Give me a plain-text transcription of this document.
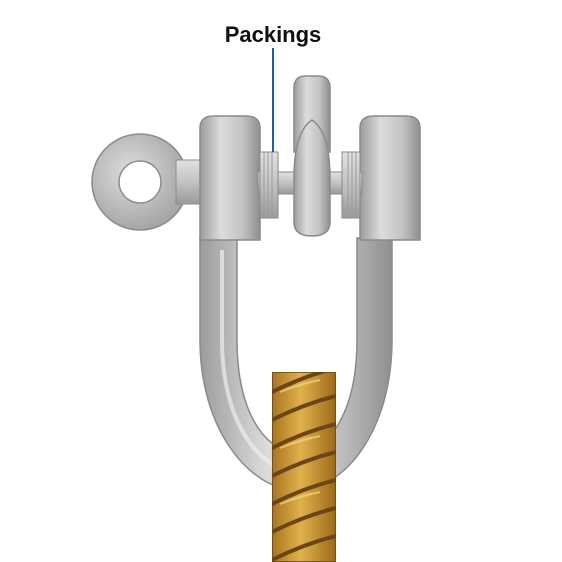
Packings
